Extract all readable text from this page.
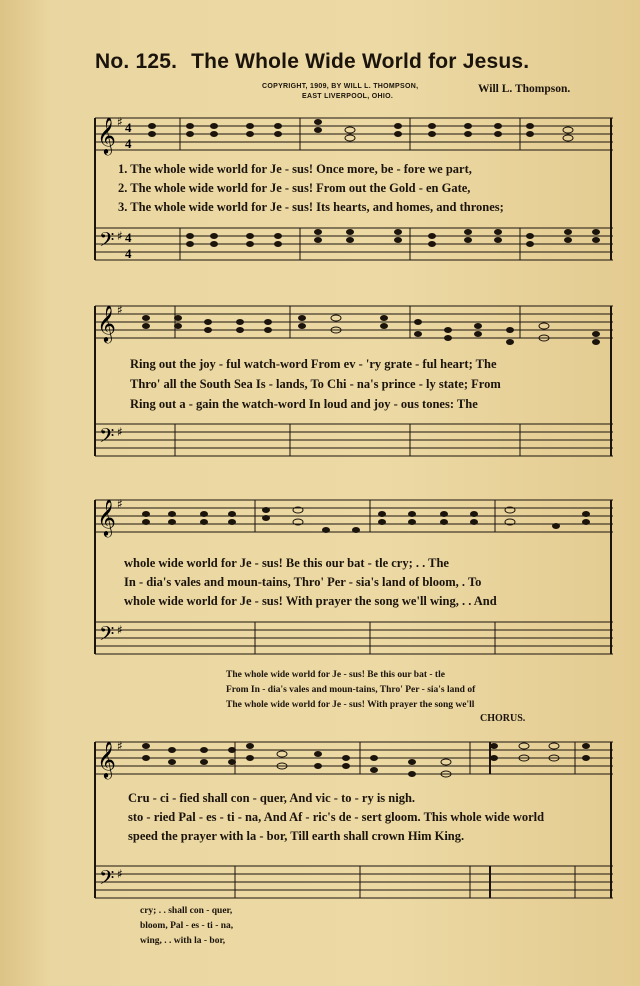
No. 125. The Whole Wide World for Jesus.
COPYRIGHT, 1909, BY WILL L. THOMPSON,
EAST LIVERPOOL, OHIO.
Will L. Thompson.
𝄞 ♯ 4
4
𝄢 ♯ 4
4
𝄞 ♯
𝄢 ♯
𝄞 ♯
𝄢 ♯
𝄞 ♯
𝄢 ♯
1. The whole wide world for Je - sus! Once more, be - fore we part,
2. The whole wide world for Je - sus! From out the Gold - en Gate,
3. The whole wide world for Je - sus! Its hearts, and homes, and thrones;
Ring out the joy - ful watch-word From ev - 'ry grate - ful heart; The
Thro' all the South Sea Is - lands, To Chi - na's prince - ly state; From
Ring out a - gain the watch-word In loud and joy - ous tones: The
whole wide world for Je - sus! Be this our bat - tle cry; . . The
In - dia's vales and moun-tains, Thro' Per - sia's land of bloom, . To
whole wide world for Je - sus! With prayer the song we'll wing, . . And
The whole wide world for Je - sus! Be this our bat - tle
From In - dia's vales and moun-tains, Thro' Per - sia's land of
The whole wide world for Je - sus! With prayer the song we'll
CHORUS.
Cru - ci - fied shall con - quer, And vic - to - ry is nigh.
sto - ried Pal - es - ti - na, And Af - ric's de - sert gloom. This whole wide world
speed the prayer with la - bor, Till earth shall crown Him King.
cry; . . shall con - quer,
bloom, Pal - es - ti - na,
wing, . . with la - bor,
